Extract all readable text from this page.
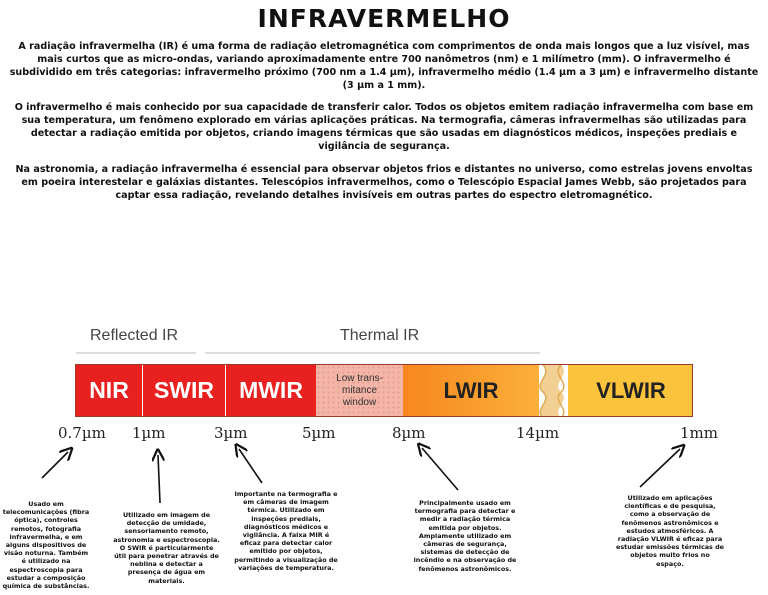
INFRAVERMELHO
A radiação infravermelha (IR) é uma forma de radiação eletromagnética com comprimentos de onda mais longos que a luz visível, mas mais curtos que as micro-ondas, variando aproximadamente entre 700 nanômetros (nm) e 1 milímetro (mm). O infravermelho é subdividido em três categorias: infravermelho próximo (700 nm a 1.4 µm), infravermelho médio (1.4 µm a 3 µm) e infravermelho distante (3 µm a 1 mm).
O infravermelho é mais conhecido por sua capacidade de transferir calor. Todos os objetos emitem radiação infravermelha com base em sua temperatura, um fenômeno explorado em várias aplicações práticas. Na termografia, câmeras infravermelhas são utilizadas para detectar a radiação emitida por objetos, criando imagens térmicas que são usadas em diagnósticos médicos, inspeções prediais e vigilância de segurança.
Na astronomia, a radiação infravermelha é essencial para observar objetos frios e distantes no universo, como estrelas jovens envoltas em poeira interestelar e galáxias distantes. Telescópios infravermelhos, como o Telescópio Espacial James Webb, são projetados para captar essa radiação, revelando detalhes invisíveis em outras partes do espectro eletromagnético.
Reflected IR	Thermal IR
NIR	SWIR	MWIR	Low trans-
mitance
window	LWIR	VLWIR
0.7µm 1µm	3µm	5µm	8µm	14µm	1mm
Usado em telecomunicações (fibra óptica), controles remotos, fotografia infravermelha, e em alguns dispositivos de visão noturna. Também é utilizado na espectroscopia para estudar a composição química de substâncias.
Utilizado em imagem de detecção de umidade, sensoriamento remoto, astronomia e espectroscopia. O SWIR é particularmente útil para penetrar através de neblina e detectar a presença de água em materiais.
Importante na termografia e em câmeras de imagem térmica. Utilizado em inspeções prediais, diagnósticos médicos e vigilância. A faixa MIR é eficaz para detectar calor emitido por objetos, permitindo a visualização de variações de temperatura.
Principalmente usado em termografia para detectar e medir a radiação térmica emitida por objetos. Amplamente utilizado em câmeras de segurança, sistemas de detecção de incêndio e na observação de fenômenos astronômicos.
Utilizado em aplicações científicas e de pesquisa, como a observação de fenômenos astronômicos e estudos atmosféricos. A radiação VLWIR é eficaz para estudar emissões térmicas de objetos muito frios no espaço.
